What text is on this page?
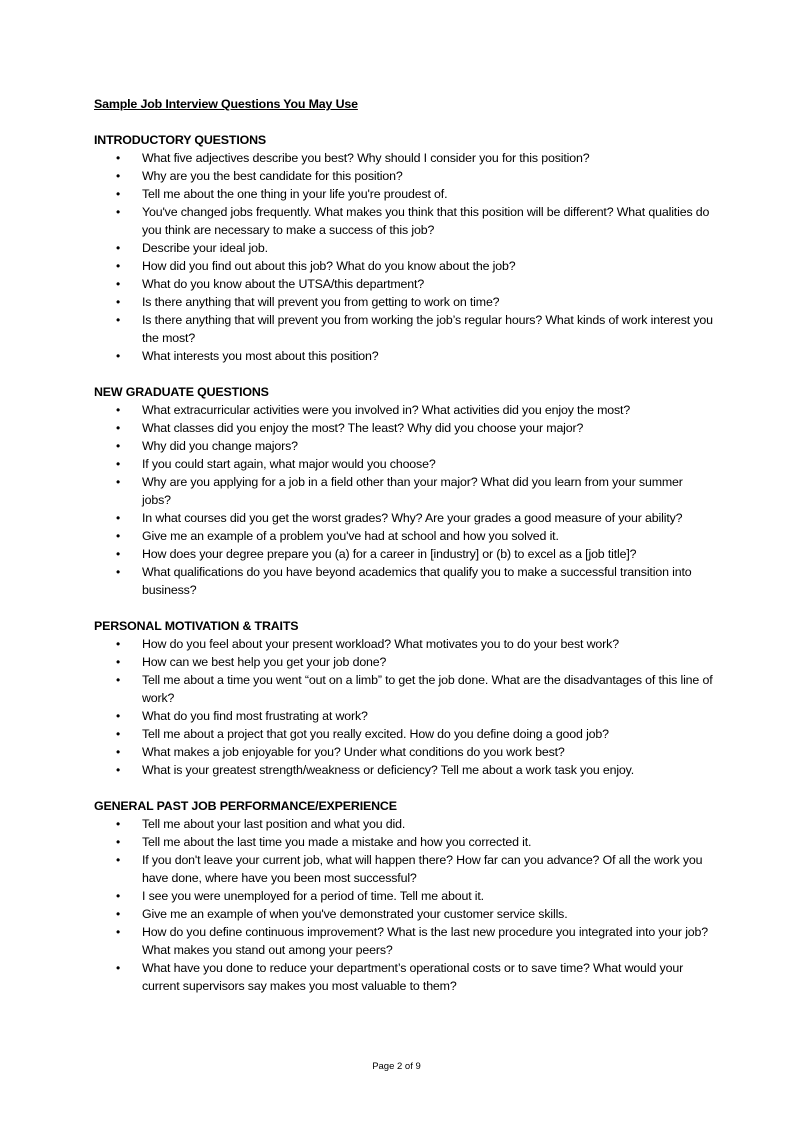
Sample Job Interview Questions You May Use
INTRODUCTORY QUESTIONS
• What five adjectives describe you best? Why should I consider you for this position?
• Why are you the best candidate for this position?
• Tell me about the one thing in your life you're proudest of.
• You've changed jobs frequently. What makes you think that this position will be different? What qualities do you think are necessary to make a success of this job?
• Describe your ideal job.
• How did you find out about this job? What do you know about the job?
• What do you know about the UTSA/this department?
• Is there anything that will prevent you from getting to work on time?
• Is there anything that will prevent you from working the job’s regular hours? What kinds of work interest you the most?
• What interests you most about this position?
NEW GRADUATE QUESTIONS
• What extracurricular activities were you involved in? What activities did you enjoy the most?
• What classes did you enjoy the most? The least? Why did you choose your major?
• Why did you change majors?
• If you could start again, what major would you choose?
• Why are you applying for a job in a field other than your major? What did you learn from your summer jobs?
• In what courses did you get the worst grades? Why? Are your grades a good measure of your ability?
• Give me an example of a problem you've had at school and how you solved it.
• How does your degree prepare you (a) for a career in [industry] or (b) to excel as a [job title]?
• What qualifications do you have beyond academics that qualify you to make a successful transition into business?
PERSONAL MOTIVATION & TRAITS
• How do you feel about your present workload? What motivates you to do your best work?
• How can we best help you get your job done?
• Tell me about a time you went “out on a limb” to get the job done. What are the disadvantages of this line of work?
• What do you find most frustrating at work?
• Tell me about a project that got you really excited. How do you define doing a good job?
• What makes a job enjoyable for you? Under what conditions do you work best?
• What is your greatest strength/weakness or deficiency? Tell me about a work task you enjoy.
GENERAL PAST JOB PERFORMANCE/EXPERIENCE
• Tell me about your last position and what you did.
• Tell me about the last time you made a mistake and how you corrected it.
• If you don't leave your current job, what will happen there? How far can you advance? Of all the work you have done, where have you been most successful?
• I see you were unemployed for a period of time. Tell me about it.
• Give me an example of when you've demonstrated your customer service skills.
• How do you define continuous improvement? What is the last new procedure you integrated into your job? What makes you stand out among your peers?
• What have you done to reduce your department’s operational costs or to save time? What would your current supervisors say makes you most valuable to them?
Page 2 of 9
